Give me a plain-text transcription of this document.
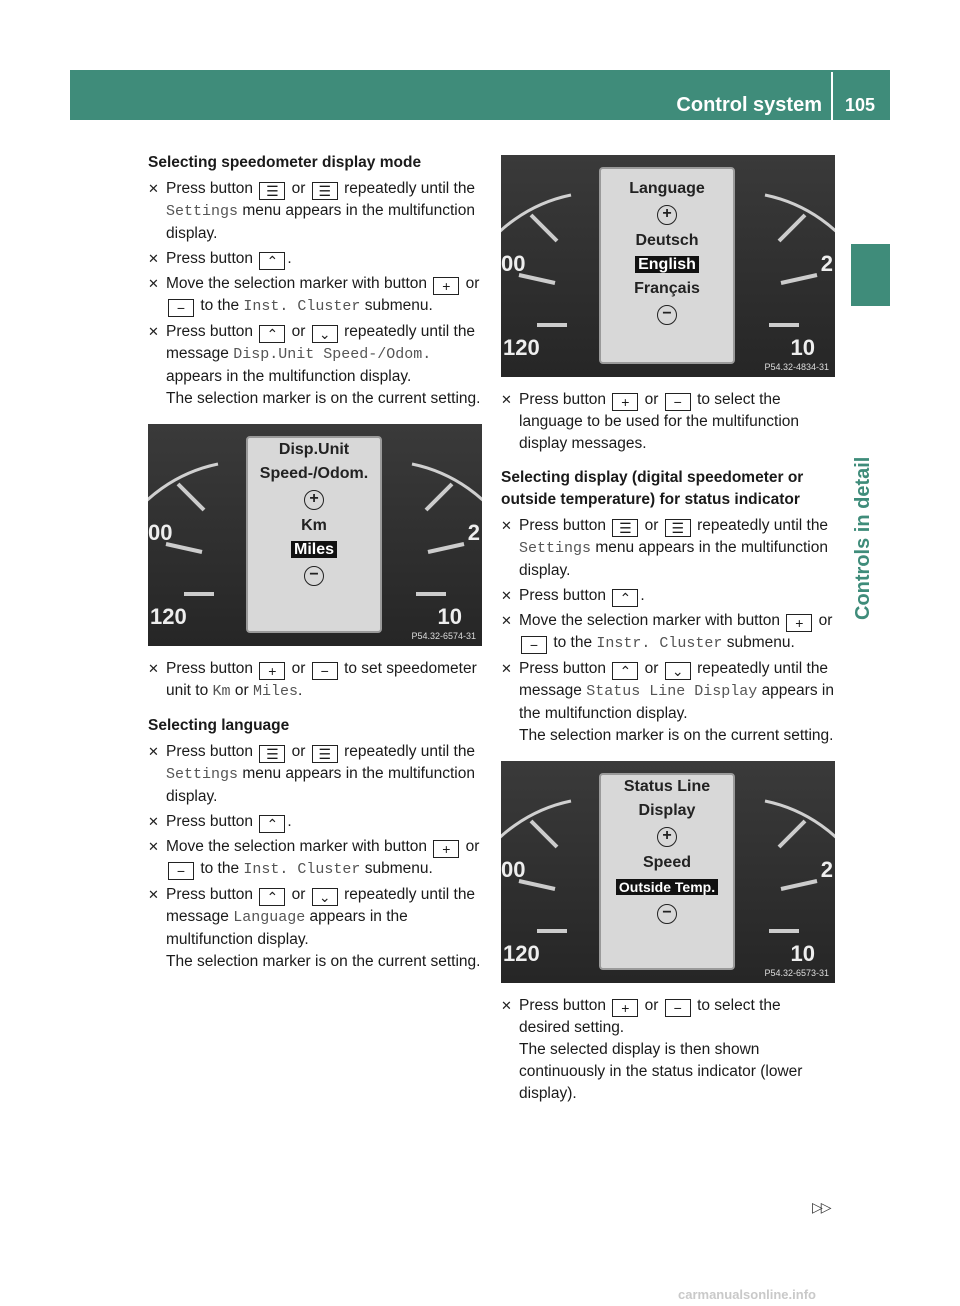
Control system 105
Controls in detail
Selecting speedometer display mode
✕ Press button ☰ or ☰ repeatedly until the Settings menu appears in the multifunction display.
✕ Press button ⌃ .
✕ Move the selection marker with button + or − to the Inst. Cluster submenu.
✕ Press button ⌃ or ⌄ repeatedly until the message Disp.Unit Speed-/Odom. appears in the multifunction display.
The selection marker is on the current setting.
00
120
2
10
Disp.Unit
Speed-/Odom.
+
Km
Miles
−
P54.32-6574-31
✕ Press button + or − to set speedometer unit to Km or Miles.
Selecting language
✕ Press button ☰ or ☰ repeatedly until the Settings menu appears in the multifunction display.
✕ Press button ⌃ .
✕ Move the selection marker with button + or − to the Inst. Cluster submenu.
✕ Press button ⌃ or ⌄ repeatedly until the message Language appears in the multifunction display.
The selection marker is on the current setting.
00
120
2
10
Language
+
Deutsch
English
Français
−
P54.32-4834-31
✕ Press button + or − to select the language to be used for the multifunction display messages.
Selecting display (digital speedometer or outside temperature) for status indicator
✕ Press button ☰ or ☰ repeatedly until the Settings menu appears in the multifunction display.
✕ Press button ⌃ .
✕ Move the selection marker with button + or − to the Instr. Cluster submenu.
✕ Press button ⌃ or ⌄ repeatedly until the message Status Line Display appears in the multifunction display.
The selection marker is on the current setting.
00
120
2
10
Status Line
Display
+
Speed
Outside Temp.
−
P54.32-6573-31
✕ Press button + or − to select the desired setting.
The selected display is then shown continuously in the status indicator (lower display).
▷▷
carmanualsonline.info
